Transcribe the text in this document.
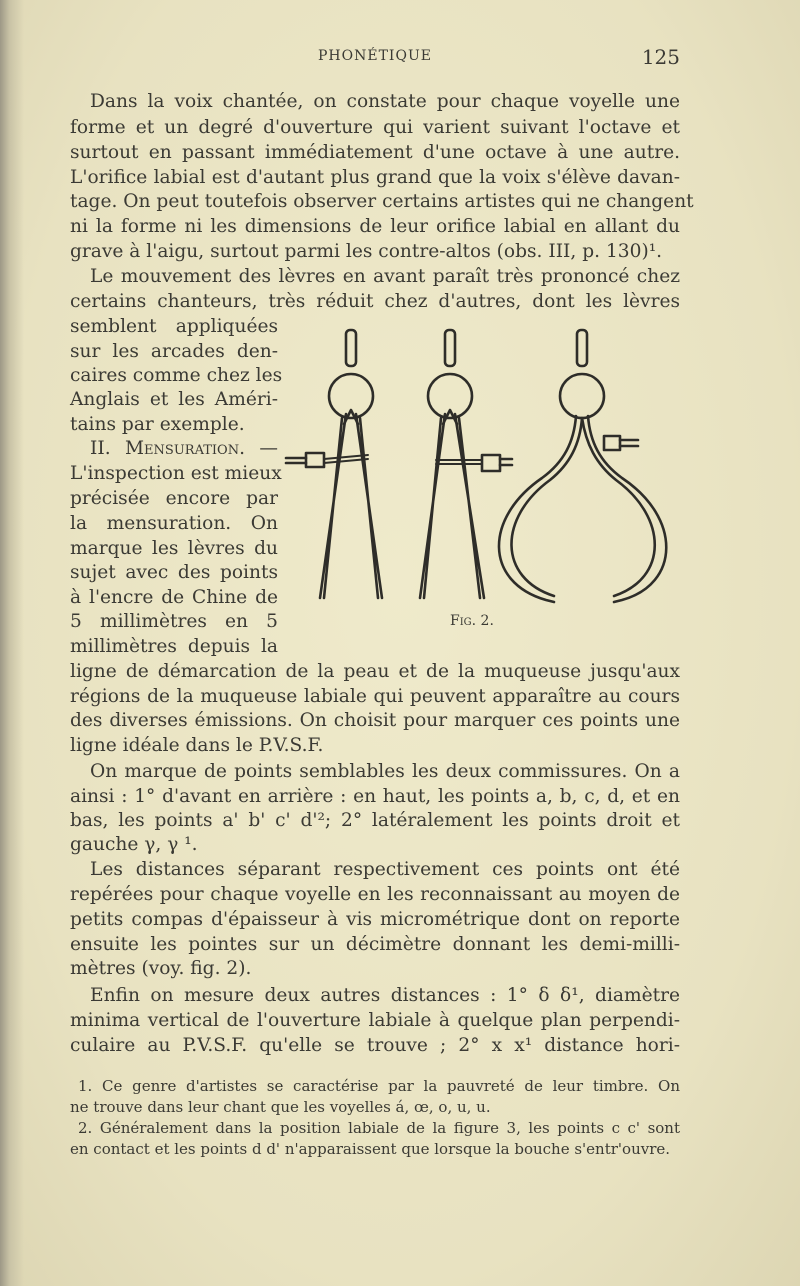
PHONÉTIQUE	125
Dans la voix chantée, on constate pour chaque voyelle une
forme et un degré d'ouverture qui varient suivant l'octave et
surtout en passant immédiatement d'une octave à une autre.
L'orifice labial est d'autant plus grand que la voix s'élève davan-
tage. On peut toutefois observer certains artistes qui ne changent
ni la forme ni les dimensions de leur orifice labial en allant du
grave à l'aigu, surtout parmi les contre-altos (obs. III, p. 130)¹.
Le mouvement des lèvres en avant paraît très prononcé chez
certains chanteurs, très réduit chez d'autres, dont les lèvres
semblent appliquées
sur les arcades den-
caires comme chez les
Anglais et les Améri-
tains par exemple.
II. Mensuration. —
L'inspection est mieux
précisée encore par
la mensuration. On
marque les lèvres du
sujet avec des points
à l'encre de Chine de
5 millimètres en 5
millimètres depuis la
ligne de démarcation de la peau et de la muqueuse jusqu'aux
régions de la muqueuse labiale qui peuvent apparaître au cours
des diverses émissions. On choisit pour marquer ces points une
ligne idéale dans le P.V.S.F.
On marque de points semblables les deux commissures. On a
ainsi : 1° d'avant en arrière : en haut, les points a, b, c, d, et en
bas, les points a' b' c' d'²; 2° latéralement les points droit et
gauche γ, γ ¹.
Les distances séparant respectivement ces points ont été
repérées pour chaque voyelle en les reconnaissant au moyen de
petits compas d'épaisseur à vis micrométrique dont on reporte
ensuite les pointes sur un décimètre donnant les demi-milli-
mètres (voy. fig. 2).
Enfin on mesure deux autres distances : 1° δ δ¹, diamètre
minima vertical de l'ouverture labiale à quelque plan perpendi-
culaire au P.V.S.F. qu'elle se trouve ; 2° x x¹ distance hori-
Fig. 2.
1. Ce genre d'artistes se caractérise par la pauvreté de leur timbre. On
ne trouve dans leur chant que les voyelles á, œ, o, u, u.
2. Généralement dans la position labiale de la figure 3, les points c c' sont
en contact et les points d d' n'apparaissent que lorsque la bouche s'entr'ouvre.
